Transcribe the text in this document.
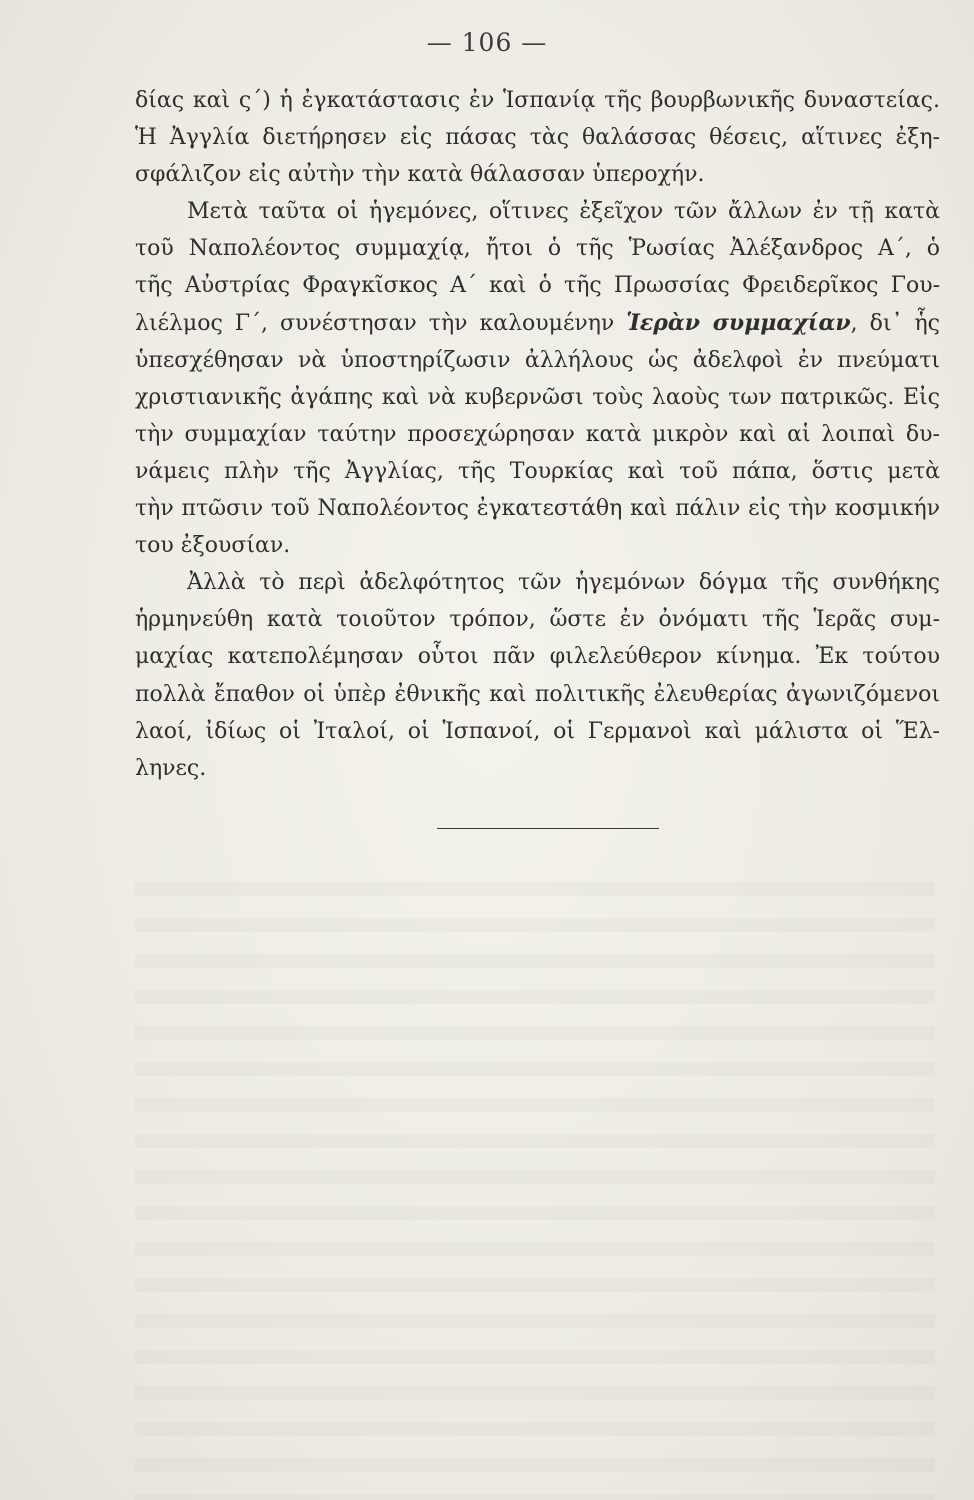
— 106 —
δίας καὶ ς΄) ἡ ἐγκατάστασις ἐν Ἱσπανίᾳ τῆς βουρβωνικῆς δυναστείας.
Ἡ Ἀγγλία διετήρησεν εἰς πάσας τὰς θαλάσσας θέσεις, αἵτινες ἐξη-
σφάλιζον εἰς αὐτὴν τὴν κατὰ θάλασσαν ὑπεροχήν.
Μετὰ ταῦτα οἱ ἡγεμόνες, οἵτινες ἐξεῖχον τῶν ἄλλων ἐν τῇ κατὰ
τοῦ Ναπολέοντος συμμαχίᾳ, ἤτοι ὁ τῆς Ῥωσίας Ἀλέξανδρος Α΄, ὁ
τῆς Αὐστρίας Φραγκῖσκος Α΄ καὶ ὁ τῆς Πρωσσίας Φρειδερῖκος Γου-
λιέλμος Γ΄, συνέστησαν τὴν καλουμένην Ἱερὰν συμμαχίαν, δι᾽ ἧς
ὑπεσχέθησαν νὰ ὑποστηρίζωσιν ἀλλήλους ὡς ἀδελφοὶ ἐν πνεύματι
χριστιανικῆς ἀγάπης καὶ νὰ κυβερνῶσι τοὺς λαοὺς των πατρικῶς. Εἰς
τὴν συμμαχίαν ταύτην προσεχώρησαν κατὰ μικρὸν καὶ αἱ λοιπαὶ δυ-
νάμεις πλὴν τῆς Ἀγγλίας, τῆς Τουρκίας καὶ τοῦ πάπα, ὅστις μετὰ
τὴν πτῶσιν τοῦ Ναπολέοντος ἐγκατεστάθη καὶ πάλιν εἰς τὴν κοσμικήν
του ἐξουσίαν.
Ἀλλὰ τὸ περὶ ἀδελφότητος τῶν ἡγεμόνων δόγμα τῆς συνθήκης
ἡρμηνεύθη κατὰ τοιοῦτον τρόπον, ὥστε ἐν ὀνόματι τῆς Ἱερᾶς συμ-
μαχίας κατεπολέμησαν οὗτοι πᾶν φιλελεύθερον κίνημα. Ἐκ τούτου
πολλὰ ἔπαθον οἱ ὑπὲρ ἐθνικῆς καὶ πολιτικῆς ἐλευθερίας ἀγωνιζόμενοι
λαοί, ἰδίως οἱ Ἰταλοί, οἱ Ἱσπανοί, οἱ Γερμανοὶ καὶ μάλιστα οἱ Ἕλ-
ληνες.
